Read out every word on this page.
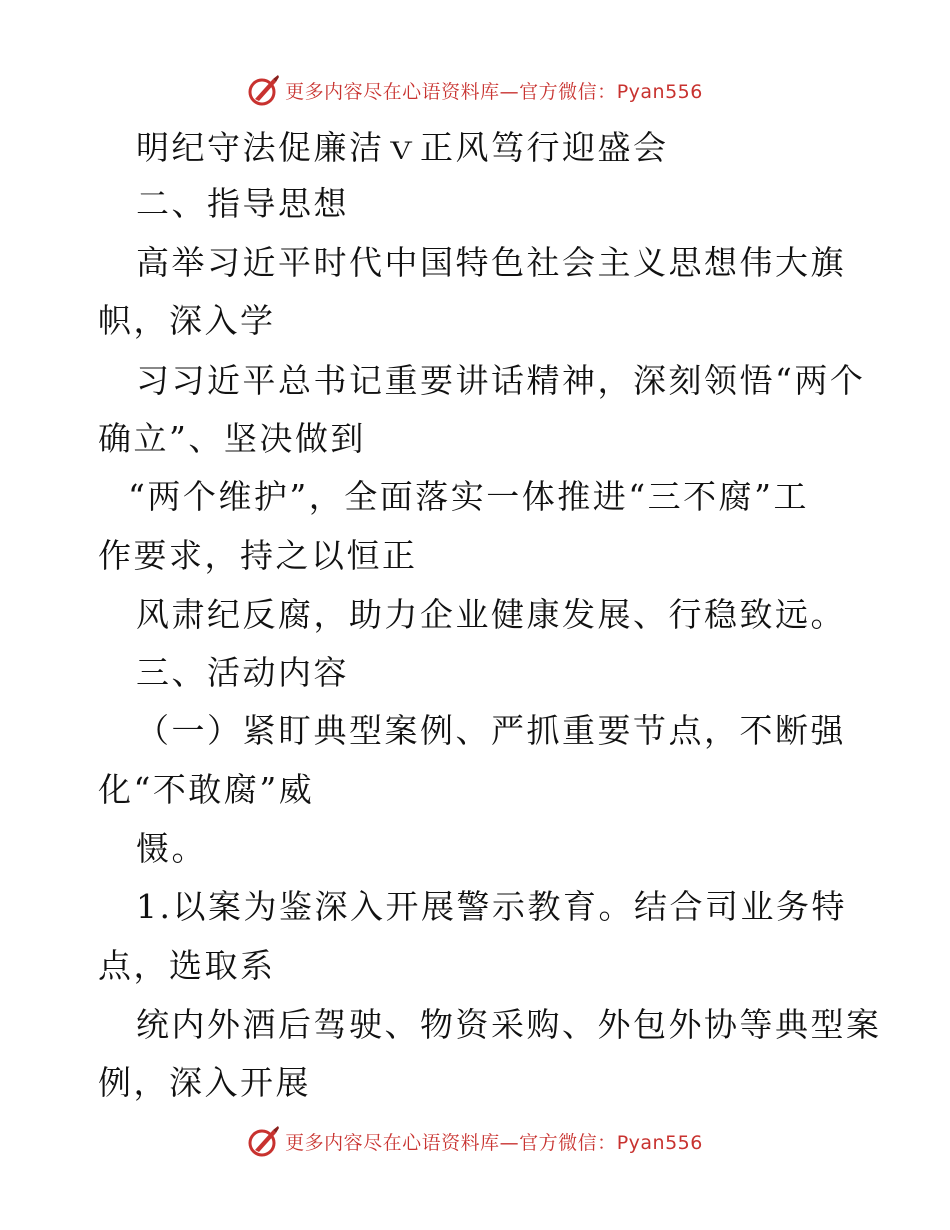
更多内容尽在心语资料库—官方微信：Pyan556
明纪守法促廉洁ｖ正风笃行迎盛会
二、指导思想
高举习近平时代中国特色社会主义思想伟大旗
帜，深入学
习习近平总书记重要讲话精神，深刻领悟“两个
确立”、坚决做到
“两个维护”，全面落实一体推进“三不腐”工
作要求，持之以恒正
风肃纪反腐，助力企业健康发展、行稳致远。
三、活动内容
（一）紧盯典型案例、严抓重要节点，不断强
化“不敢腐”威
慑。
1.以案为鉴深入开展警示教育。结合司业务特
点，选取系
统内外酒后驾驶、物资采购、外包外协等典型案
例，深入开展
更多内容尽在心语资料库—官方微信：Pyan556
